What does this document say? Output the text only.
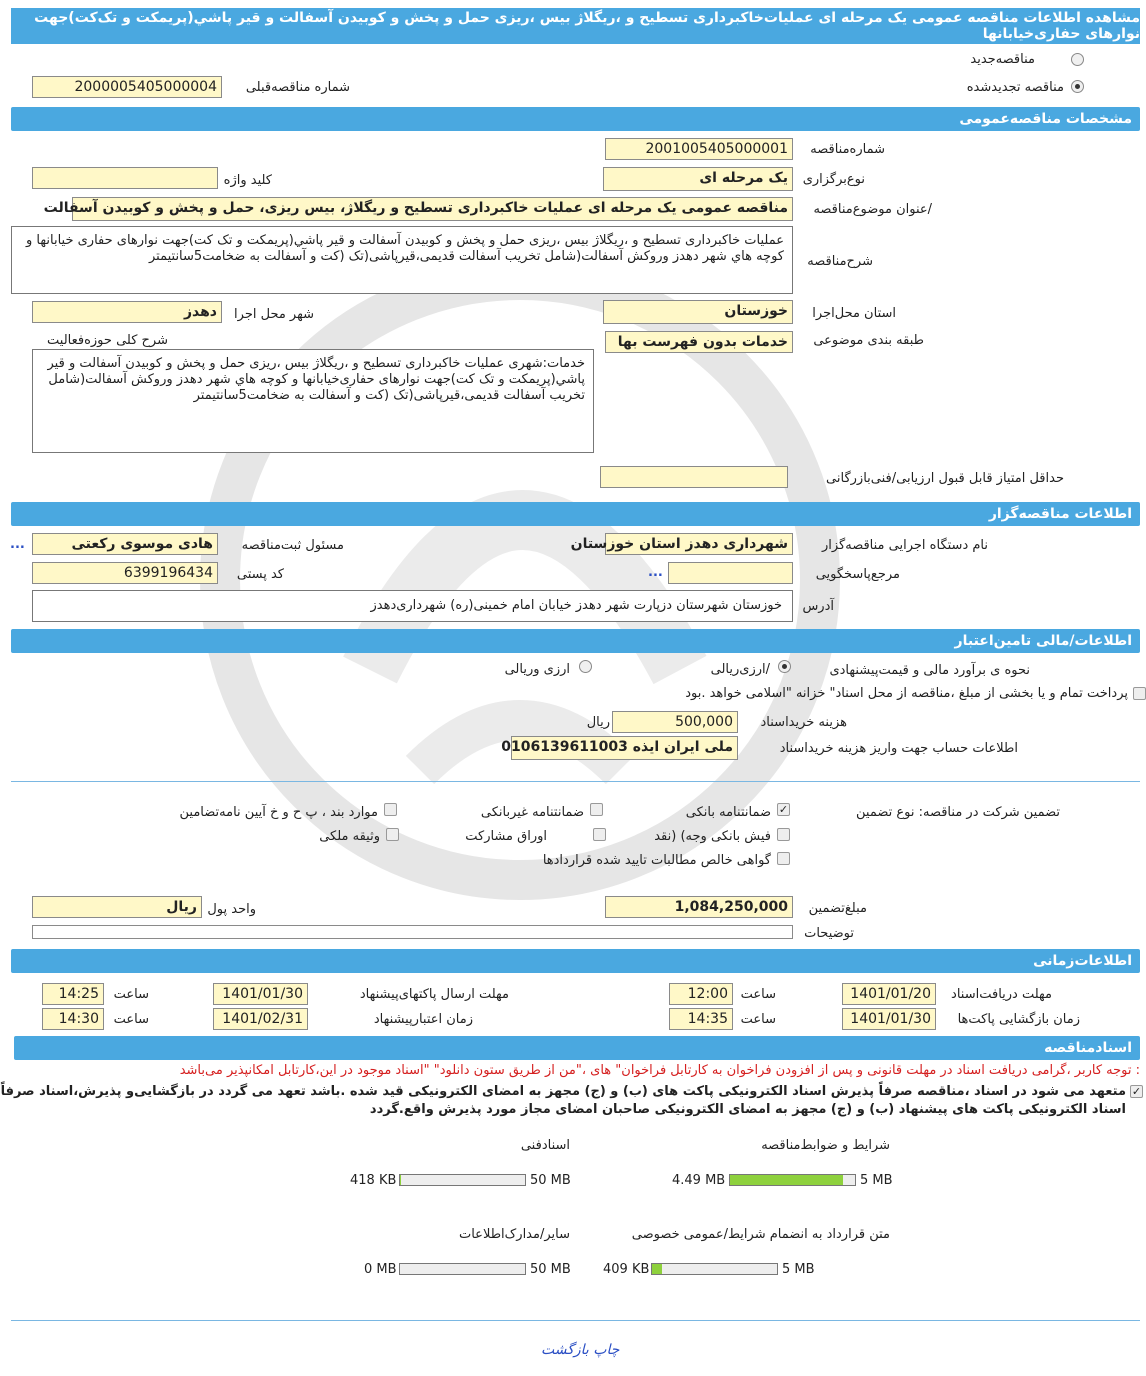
مشاهده اطلاعات مناقصه عمومی یک مرحله ای عملیات‌خاکبرداری تسطیح و ،ریگلاژ بیس ،ریزی حمل و پخش و کوبیدن آسفالت و قیر پاشي(پریمکت و تک‌کت)جهت نوارهای حفاری‌خیابانها
مناقصه‌جدید
مناقصه تجدیدشده
شماره مناقصه‌قبلی
2000005405000004
مشخصات مناقصه‌عمومی
شماره‌مناقصه
2001005405000001
نوع‌برگزاری
یک مرحله ای
کلید واژه
/عنوان موضوع‌مناقصه
مناقصه عمومی یک مرحله ای عملیات خاکبرداری تسطیح و ریگلاژ، بیس ریزی، حمل و پخش و کوبیدن آسفالت
شرح‌مناقصه
عملیات خاکبرداری تسطیح و ،ریگلاژ بیس ،ریزی حمل و پخش و کوبیدن آسفالت و قیر پاشي(پریمکت و تک کت)جهت نوارهای حفاری خیابانها و کوچه هاي شهر دهدز وروکش آسفالت(شامل تخریب آسفالت قدیمی،قیرپاشی(تک (کت و آسفالت به ضخامت5سانتیمتر
استان محل‌اجرا
خوزستان
شهر محل اجرا
دهدز
طبقه بندی موضوعی
خدمات بدون فهرست بها
شرح کلی حوزه‌فعالیت
خدمات:شهری عملیات خاکبرداری تسطیح و ،ریگلاژ بیس ،ریزی حمل و پخش و کوبیدن آسفالت و قیر پاشي(پریمکت و تک کت)جهت نوارهای حفاری‌خیابانها و کوچه هاي شهر دهدز وروکش آسفالت(شامل تخریب آسفالت قدیمی،قیرپاشی(تک (کت و آسفالت به ضخامت5سانتیمتر
حداقل امتیاز قابل قبول ارزیابی/فنی‌بازرگانی
اطلاعات مناقصه‌گزار
نام دستگاه اجرایی مناقصه‌گزار
شهرداری دهدز استان خوزستان
مسئول ثبت‌مناقصه
هادی موسوی رکعتی
...
مرجع‌پاسخگویی
...
کد پستی
6399196434
آدرس
خوزستان شهرستان دزپارت شهر دهدز خیابان امام خمینی(ره) شهرداری‌دهدز
اطلاعات/مالی تامین‌اعتبار
نحوه ی برآورد مالی و قیمت‌پیشنهادی
/ارزی‌ریالی
ارزی وریالی
پرداخت تمام و یا بخشی از مبلغ ،مناقصه از محل اسناد" خزانه "اسلامی خواهد .بود
هزینه خریداسناد
500,000
ریال
اطلاعات حساب جهت واریز هزینه خریداسناد
ملی ایران ایذه 0106139611003
تضمین شرکت در مناقصه: نوع تضمین
✓
ضمانتنامه بانکی
ضمانتنامه غیربانکی
موارد بند ، پ ح و خ آیین نامه‌تضامین
فیش بانکی وجه) (نقد
اوراق مشارکت
وثیقه ملکی
گواهی خالص مطالبات تایید شده قراردادها
مبلغ‌تضمین
1,084,250,000
واحد پول
ریال
توضیحات
اطلاعات‌زمانی
مهلت دریافت‌اسناد
1401/01/20
ساعت
12:00
مهلت ارسال پاکتهای‌پیشنهاد
1401/01/30
ساعت
14:25
زمان بازگشایی پاکت‌ها
1401/01/30
ساعت
14:35
زمان اعتبارپیشنهاد
1401/02/31
ساعت
14:30
اسنادمناقصه
: توجه کاربر ،گرامی دریافت اسناد در مهلت قانونی و پس از افزودن فراخوان به کارتابل فراخوان" های ،"من از طریق ستون دانلود" "اسناد موجود در این،کارتابل امکانپذیر می‌باشد
✓
متعهد می شود در اسناد ،مناقصه صرفاً پذیرش اسناد الکترونیکی پاکت های (ب) و (ج) مجهز به امضای الکترونیکی قید شده .باشد تعهد می گردد در بازگشایی‌و پذیرش،اسناد صرفاً اسناد الکترونیکی پاکت های پیشنهاد (ب) و (ج) مجهز به امضای الکترونیکی صاحبان امضای مجاز مورد پذیرش واقع.گردد
شرایط و ضوابط‌مناقصه
5 MB
4.49 MB
اسنادفنی
50 MB
418 KB
متن قرارداد به انضمام شرایط/عمومی خصوصی
5 MB
409 KB
سایر/مدارک‌اطلاعات
50 MB
0 MB
چاپ بازگشت
